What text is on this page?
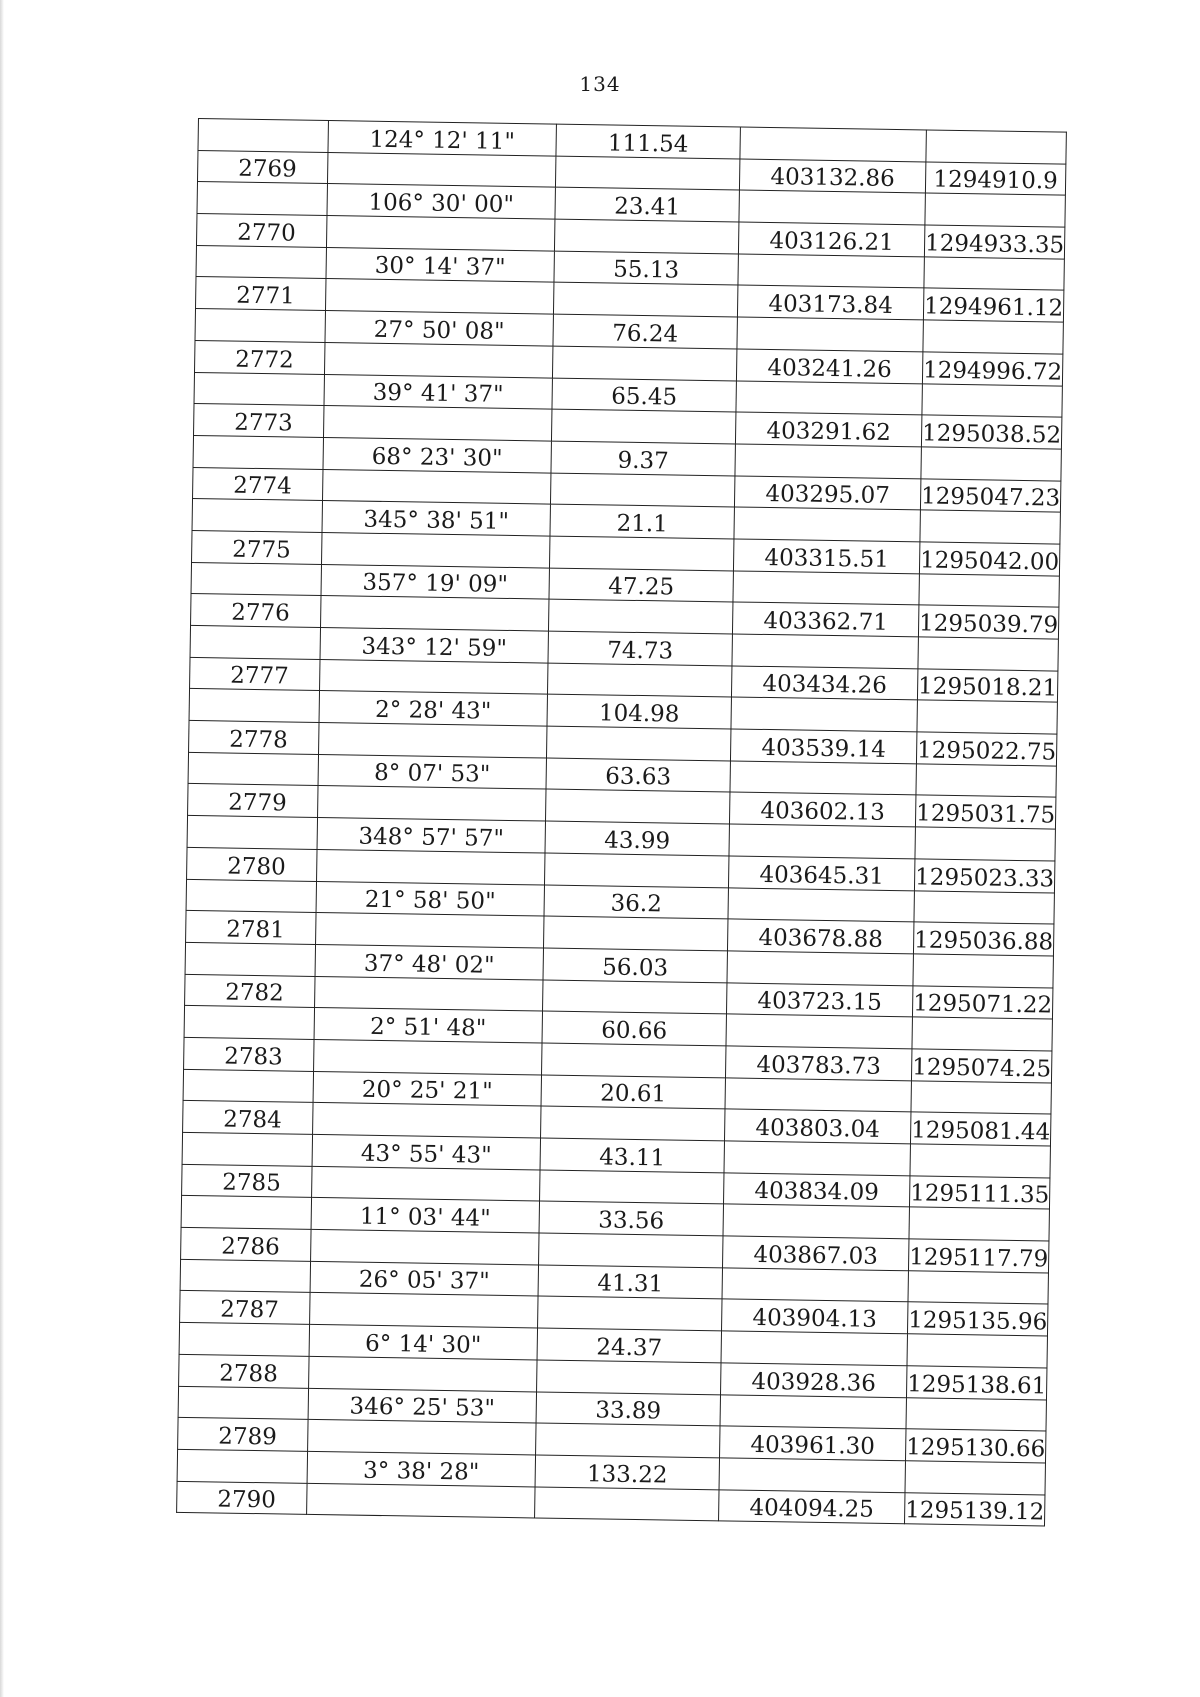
134
	124° 12' 11"	111.54		
2769			403132.86	1294910.9
	106° 30' 00"	23.41		
2770			403126.21	1294933.35
	30° 14' 37"	55.13		
2771			403173.84	1294961.12
	27° 50' 08"	76.24		
2772			403241.26	1294996.72
	39° 41' 37"	65.45		
2773			403291.62	1295038.52
	68° 23' 30"	9.37		
2774			403295.07	1295047.23
	345° 38' 51"	21.1		
2775			403315.51	1295042.00
	357° 19' 09"	47.25		
2776			403362.71	1295039.79
	343° 12' 59"	74.73		
2777			403434.26	1295018.21
	2° 28' 43"	104.98		
2778			403539.14	1295022.75
	8° 07' 53"	63.63		
2779			403602.13	1295031.75
	348° 57' 57"	43.99		
2780			403645.31	1295023.33
	21° 58' 50"	36.2		
2781			403678.88	1295036.88
	37° 48' 02"	56.03		
2782			403723.15	1295071.22
	2° 51' 48"	60.66		
2783			403783.73	1295074.25
	20° 25' 21"	20.61		
2784			403803.04	1295081.44
	43° 55' 43"	43.11		
2785			403834.09	1295111.35
	11° 03' 44"	33.56		
2786			403867.03	1295117.79
	26° 05' 37"	41.31		
2787			403904.13	1295135.96
	6° 14' 30"	24.37		
2788			403928.36	1295138.61
	346° 25' 53"	33.89		
2789			403961.30	1295130.66
	3° 38' 28"	133.22		
2790			404094.25	1295139.12
